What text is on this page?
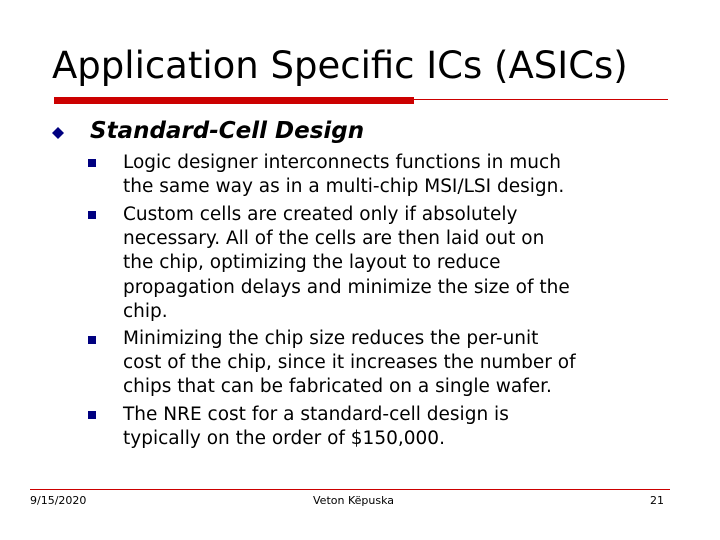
Application Specific ICs (ASICs)
Standard-Cell Design
Logic designer interconnects functions in much
the same way as in a multi-chip MSI/LSI design.
Custom cells are created only if absolutely
necessary. All of the cells are then laid out on
the chip, optimizing the layout to reduce
propagation delays and minimize the size of the
chip.
Minimizing the chip size reduces the per-unit
cost of the chip, since it increases the number of
chips that can be fabricated on a single wafer.
The NRE cost for a standard-cell design is
typically on the order of $150,000.
9/15/2020	Veton Këpuska	21
